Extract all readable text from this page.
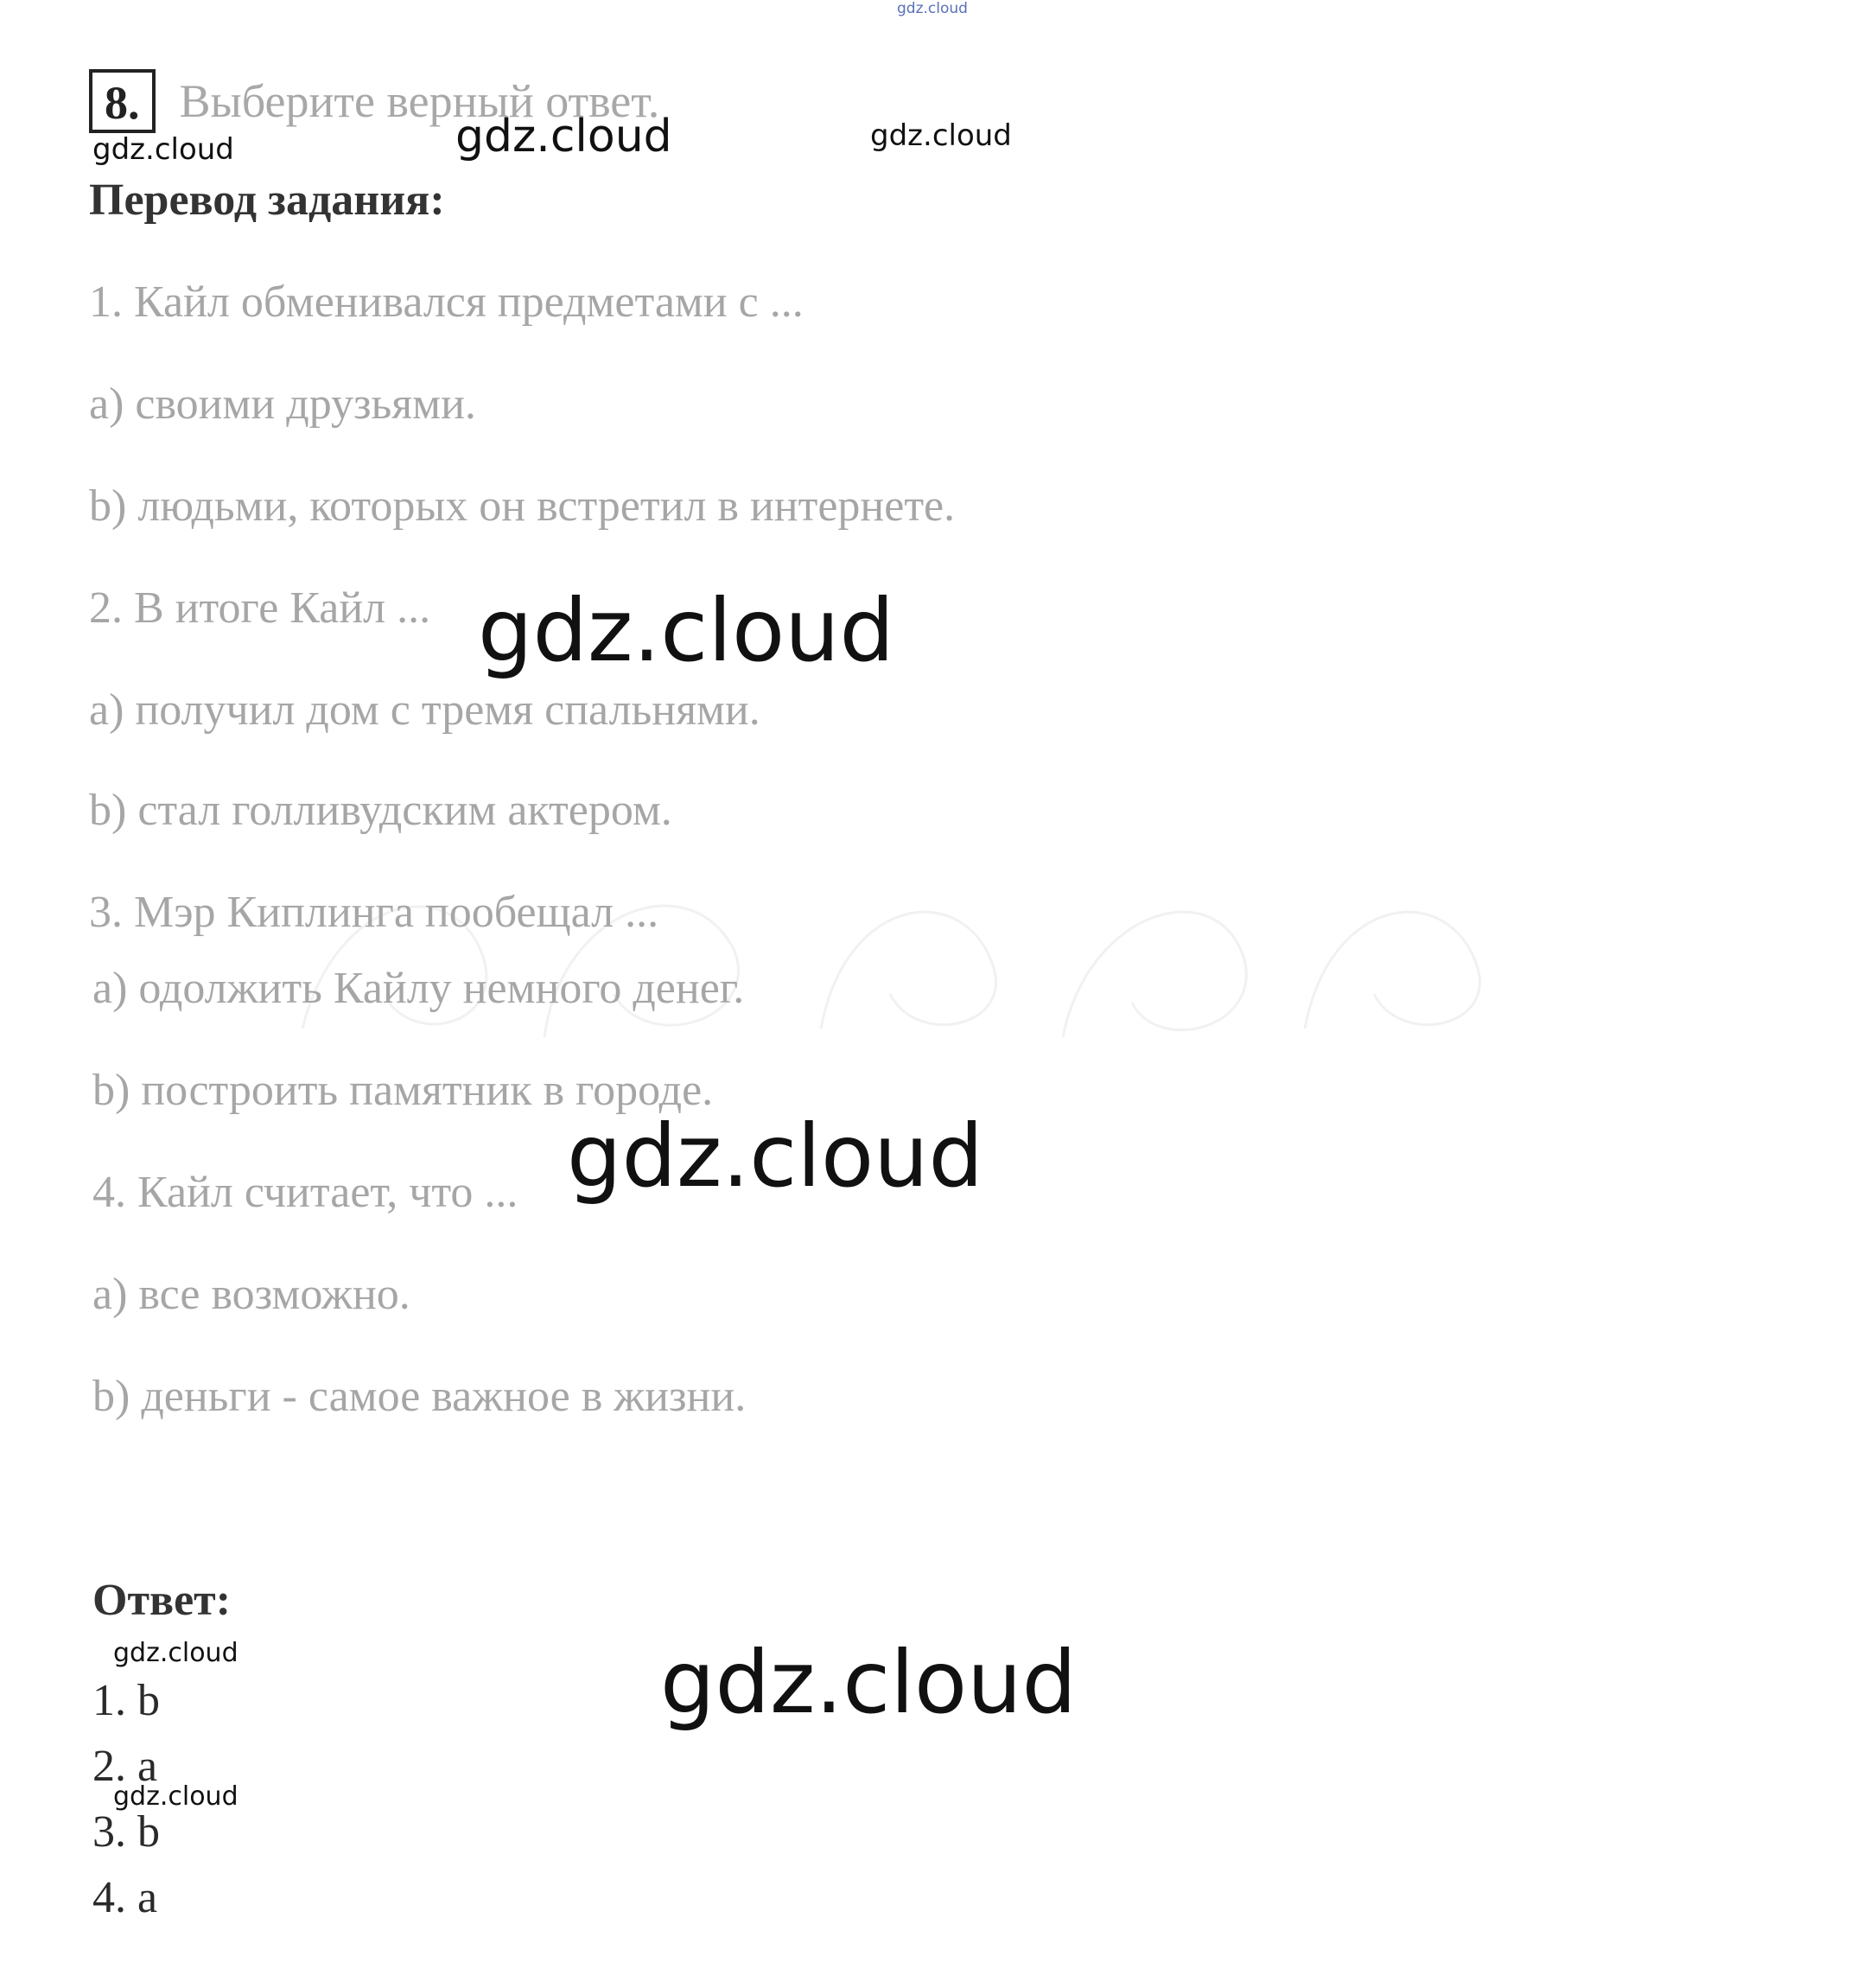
gdz.cloud
8. Выберите верный ответ.
gdz.cloud	gdz.cloud	gdz.cloud
Перевод задания:
1. Кайл обменивался предметами с ...
а) своими друзьями.
b) людьми, которых он встретил в интернете.
2. В итоге Кайл ...
а) получил дом с тремя спальнями.
b) стал голливудским актером.
3. Мэр Киплинга пообещал ...
а) одолжить Кайлу немного денег.
b) построить памятник в городе.
4. Кайл считает, что ...
а) все возможно.
b) деньги - самое важное в жизни.
gdz.cloud
gdz.cloud
Ответ:
gdz.cloud	gdz.cloud
1. b
2. a
gdz.cloud
3. b
4. a
